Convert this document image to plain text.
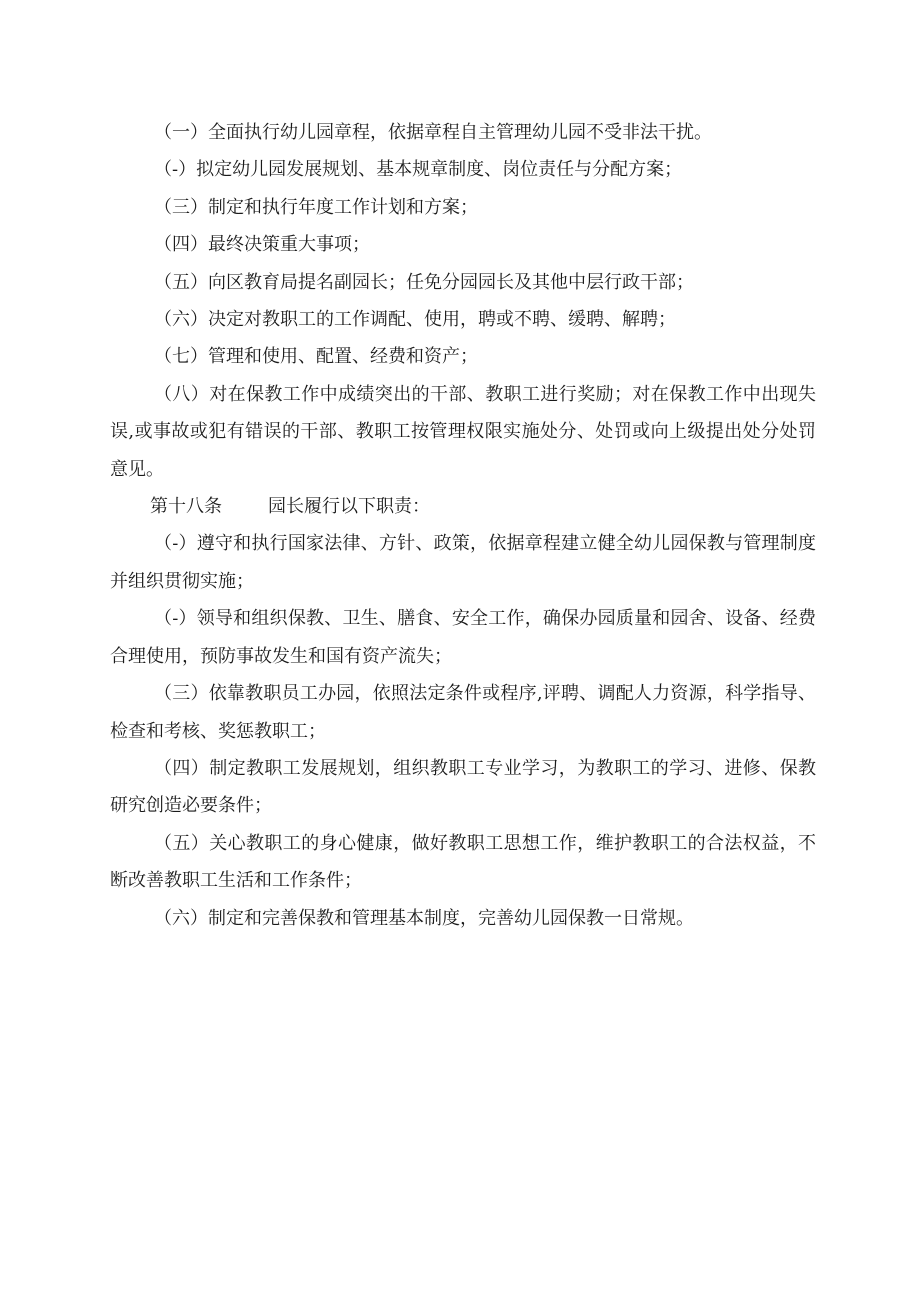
（一）全面执行幼儿园章程，依据章程自主管理幼儿园不受非法干扰。

（-）拟定幼儿园发展规划、基本规章制度、岗位责任与分配方案；

（三）制定和执行年度工作计划和方案；

（四）最终决策重大事项；

（五）向区教育局提名副园长；任免分园园长及其他中层行政干部；

（六）决定对教职工的工作调配、使用，聘或不聘、缓聘、解聘；

（七）管理和使用、配置、经费和资产；

（八）对在保教工作中成绩突出的干部、教职工进行奖励；对在保教工作中出现失误,或事故或犯有错误的干部、教职工按管理权限实施处分、处罚或向上级提出处分处罚意见。

第十八条	园长履行以下职责：

（-）遵守和执行国家法律、方针、政策，依据章程建立健全幼儿园保教与管理制度并组织贯彻实施；

（-）领导和组织保教、卫生、膳食、安全工作，确保办园质量和园舍、设备、经费合理使用，预防事故发生和国有资产流失；

（三）依靠教职员工办园，依照法定条件或程序,评聘、调配人力资源，科学指导、检查和考核、奖惩教职工；

（四）制定教职工发展规划，组织教职工专业学习，为教职工的学习、进修、保教研究创造必要条件；

（五）关心教职工的身心健康，做好教职工思想工作，维护教职工的合法权益，不断改善教职工生活和工作条件；

（六）制定和完善保教和管理基本制度，完善幼儿园保教一日常规。
